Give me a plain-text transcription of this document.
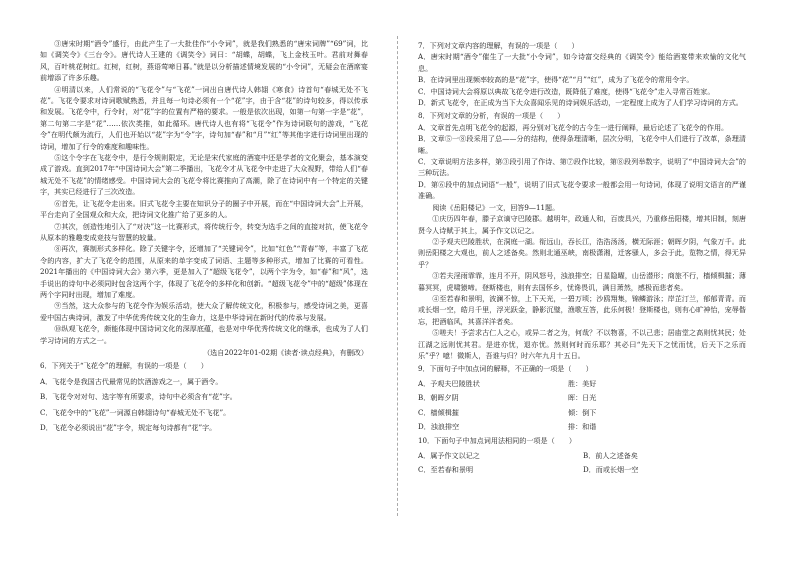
③唐宋时期“酒令”盛行，由此产生了一大批佳作“小令词”，就是我们熟悉的“唐宋词牌”“69”词，比如《调笑令》《三台令》。唐代诗人王建的《调笑令》词曰：“胡蝶，胡蝶，飞上金枝玉叶。君前对舞春风，百叶桃花树红。红树，红树，燕语莺啼日暮。”就是以分析描述情境发展的“小令词”，无疑会在酒席宴前增添了许多乐趣。

④明清以来，人们常说的“飞花令”与“飞花”一词出自唐代诗人韩翃《寒食》诗首句“春城无处不飞花”。飞花令要求对诗词歌赋熟悉，并且每一句诗必须有一个“花”字，由于含“花”的诗句较多，得以传承和发展。飞花令中，行令时，对“花”字的位置有严格的要求。一般是依次出现，如第一句第一字是“花”，第二句第二字是“花”……依次类推，如此循环。唐代诗人也有将“飞花令”作为诗词联句的游戏，“飞花令”在明代颇为流行，人们也开始以“花”字为“令”字，诗句加“春”和“月”“红”等其他字进行诗词里出现的诗词，增加了行令的难度和趣味性。

⑤这个令字在飞花令中，是行令规则限定，无论是宋代家庭的酒宴中还是学者的文化聚会，基本演变成了游戏。直到2017年“中国诗词大会”第二季播出，飞花令才从飞花令中走进了大众视野，带给人们“春城无处不飞花”的情绪感受。中国诗词大会的飞花令将比赛推向了高潮，除了在诗词中有一个特定的关键字，其实已经进行了三次改造。

⑥首先，让飞花令走出来。旧式飞花令主要在知识分子的圈子中开展，而在“中国诗词大会”上开展，平台走向了全国观众和大众，把诗词文化推广给了更多的人。

⑦其次，创造性地引入了“对决”这一比赛形式，将传统行令，转变为选手之间的直接对抗，使飞花令从原本的雅趣变成竞技与智慧的较量。

⑧再次，赛制形式多样化。除了关键字令，还增加了“关键词令”，比如“红色”“青春”等，丰富了飞花令的内容，扩大了飞花令的范围，从原来的单字变成了词语、主题等多种形式，增加了比赛的可看性。2021年播出的《中国诗词大会》第六季，更是加入了“超级飞花令”，以两个字为令，如“春”和“风”，选手说出的诗句中必须同时包含这两个字，体现了飞花令的多样化和创新。“超级飞花令”中的“超级”体现在两个字同时出现，增加了难度。

⑨当然，这大众参与的飞花令作为娱乐活动，使大众了解传统文化，积极参与，感受诗词之美，更喜爱中国古典诗词，激发了中华优秀传统文化的生命力，这是中华诗词在新时代的传承与发展。

⑩纵观飞花令，颇能体现中国诗词文化的深厚底蕴，也是对中华优秀传统文化的继承，也成为了人们学习诗词的方式之一。

（选自2022年01-02期《读者·读点经典》，有删改）

6．下列关于“飞花令”的理解，有误的一项是（　　）

A．飞花令是我国古代最常见的饮酒游戏之一，属于酒令。

B．飞花令对对句、选字等有所要求，诗句中必须含有“花”字。

C．飞花令中的“飞花”一词源自韩翃诗句“春城无处不飞花”。

D．飞花令必须说出“花”字令，规定每句诗都有“花”字。

7．下列对文章内容的理解，有误的一项是（　　）

A．唐宋时期“酒令”催生了一大批“小令词”，如今诗富交经典的《调笑令》能给酒宴带来欢愉的文化气息。

B．在诗词里出现频率较高的是“花”字，使得“花”“月”“红”，成为了飞花令的常用令字。

C．中国诗词大会将原以典故飞花令进行改造，既降低了难度，使得“飞花令”走入寻常百姓家。

D．新式飞花令，在正成为当下大众喜闻乐见的诗词娱乐活动，一定程度上成为了人们学习诗词的方式。

8．下列对文章的分析，有误的一项是（　　）

A．文章首先点明飞花令的起源，再分别对飞花令的古今生一进行阐释，最后论述了飞花令的作用。

B．文章⑤一⑧段采用了总——分的结构，使得条理清晰，层次分明，飞花令中人们进行了改革，条理清晰。

C．文章说明方法多样，第③段引用了作诗、第⑦段作比较，第⑧段列举数字，说明了“中国诗词大会”的三种玩法。

D．第⑥段中的加点词语“一般”，说明了旧式飞花令要求一般都会用一句诗词，体现了说明文语言的严谨准确。

阅读《岳阳楼记》一文，回答9—11题。

①庆历四年春，滕子京谪守巴陵郡。越明年，政通人和，百废具兴，乃重修岳阳楼，增其旧制，刻唐贤今人诗赋于其上，属予作文以记之。

②予观夫巴陵胜状，在洞庭一湖。衔远山，吞长江，浩浩汤汤，横无际涯；朝晖夕阴，气象万千。此则岳阳楼之大观也，前人之述备矣。然则北通巫峡，南极潇湘，迁客骚人，多会于此，览物之情，得无异乎？

③若夫淫雨霏霏，连月不开，阴风怒号，浊浪排空；日星隐曜，山岳潜形；商旅不行，樯倾楫摧；薄暮冥冥，虎啸猿啼。登斯楼也，则有去国怀乡，忧谗畏讥，满目萧然，感极而悲者矣。

④至若春和景明，波澜不惊，上下天光，一碧万顷；沙鸥翔集，锦鳞游泳；岸芷汀兰，郁郁青青。而或长烟一空，皓月千里，浮光跃金，静影沉璧，渔歌互答，此乐何极！登斯楼也，则有心旷神怡，宠辱偕忘，把酒临风，其喜洋洋者矣。

⑤嗟夫！予尝求古仁人之心，或异二者之为，何哉？不以物喜，不以己悲；居庙堂之高则忧其民；处江湖之远则忧其君。是进亦忧，退亦忧。然则何时而乐耶？其必曰“先天下之忧而忧，后天下之乐而乐”乎？噫！微斯人，吾谁与归？时六年九月十五日。

9．下面句子中加点词的解释，不正确的一项是（　　）

A．予观夫巴陵胜状	胜：美好
B．朝晖夕阴	晖：日光
C．樯倾楫摧	倾：倒下
D．浊浪排空	排：和谐

10．下面句子中加点词用法相同的一项是（　　）

A．属予作文以记之	B．前人之述备矣
C．至若春和景明	D．而或长烟一空
